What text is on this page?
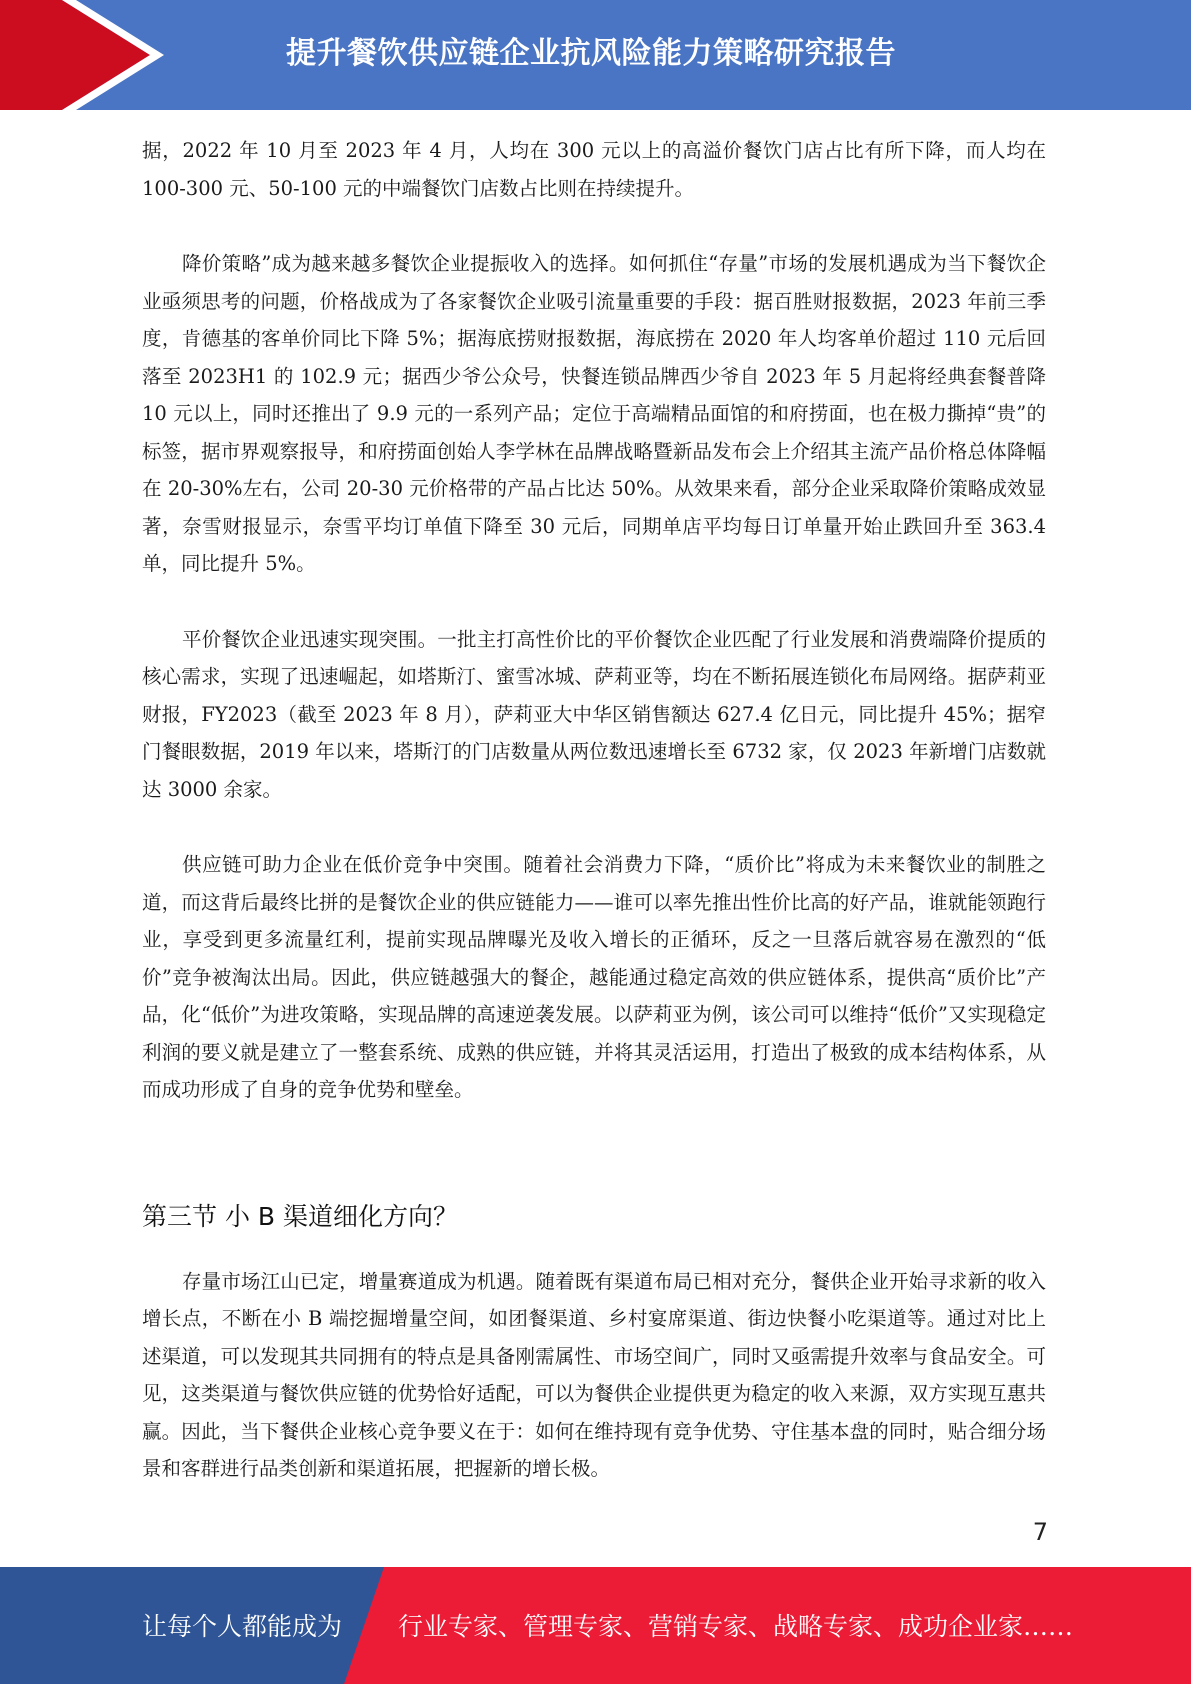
提升餐饮供应链企业抗风险能力策略研究报告

据，2022 年 10 月至 2023 年 4 月，人均在 300 元以上的高溢价餐饮门店占比有所下降，而人均在 100-300 元、50-100 元的中端餐饮门店数占比则在持续提升。

降价策略”成为越来越多餐饮企业提振收入的选择。如何抓住“存量”市场的发展机遇成为当下餐饮企业亟须思考的问题，价格战成为了各家餐饮企业吸引流量重要的手段：据百胜财报数据，2023 年前三季度，肯德基的客单价同比下降 5%；据海底捞财报数据，海底捞在 2020 年人均客单价超过 110 元后回落至 2023H1 的 102.9 元；据西少爷公众号，快餐连锁品牌西少爷自 2023 年 5 月起将经典套餐普降 10 元以上，同时还推出了 9.9 元的一系列产品；定位于高端精品面馆的和府捞面，也在极力撕掉“贵”的标签，据市界观察报导，和府捞面创始人李学林在品牌战略暨新品发布会上介绍其主流产品价格总体降幅在 20-30%左右，公司 20-30 元价格带的产品占比达 50%。从效果来看，部分企业采取降价策略成效显著，奈雪财报显示，奈雪平均订单值下降至 30 元后，同期单店平均每日订单量开始止跌回升至 363.4 单，同比提升 5%。

平价餐饮企业迅速实现突围。一批主打高性价比的平价餐饮企业匹配了行业发展和消费端降价提质的核心需求，实现了迅速崛起，如塔斯汀、蜜雪冰城、萨莉亚等，均在不断拓展连锁化布局网络。据萨莉亚财报，FY2023（截至 2023 年 8 月），萨莉亚大中华区销售额达 627.4 亿日元，同比提升 45%；据窄门餐眼数据，2019 年以来，塔斯汀的门店数量从两位数迅速增长至 6732 家，仅 2023 年新增门店数就达 3000 余家。

供应链可助力企业在低价竞争中突围。随着社会消费力下降，“质价比”将成为未来餐饮业的制胜之道，而这背后最终比拼的是餐饮企业的供应链能力——谁可以率先推出性价比高的好产品，谁就能领跑行业，享受到更多流量红利，提前实现品牌曝光及收入增长的正循环，反之一旦落后就容易在激烈的“低价”竞争被淘汰出局。因此，供应链越强大的餐企，越能通过稳定高效的供应链体系，提供高“质价比”产品，化“低价”为进攻策略，实现品牌的高速逆袭发展。以萨莉亚为例，该公司可以维持“低价”又实现稳定利润的要义就是建立了一整套系统、成熟的供应链，并将其灵活运用，打造出了极致的成本结构体系，从而成功形成了自身的竞争优势和壁垒。

第三节 小 B 渠道细化方向？

存量市场江山已定，增量赛道成为机遇。随着既有渠道布局已相对充分，餐供企业开始寻求新的收入增长点，不断在小 B 端挖掘增量空间，如团餐渠道、乡村宴席渠道、街边快餐小吃渠道等。通过对比上述渠道，可以发现其共同拥有的特点是具备刚需属性、市场空间广，同时又亟需提升效率与食品安全。可见，这类渠道与餐饮供应链的优势恰好适配，可以为餐供企业提供更为稳定的收入来源，双方实现互惠共赢。因此，当下餐供企业核心竞争要义在于：如何在维持现有竞争优势、守住基本盘的同时，贴合细分场景和客群进行品类创新和渠道拓展，把握新的增长极。

7
让每个人都能成为 行业专家、管理专家、营销专家、战略专家、成功企业家……
